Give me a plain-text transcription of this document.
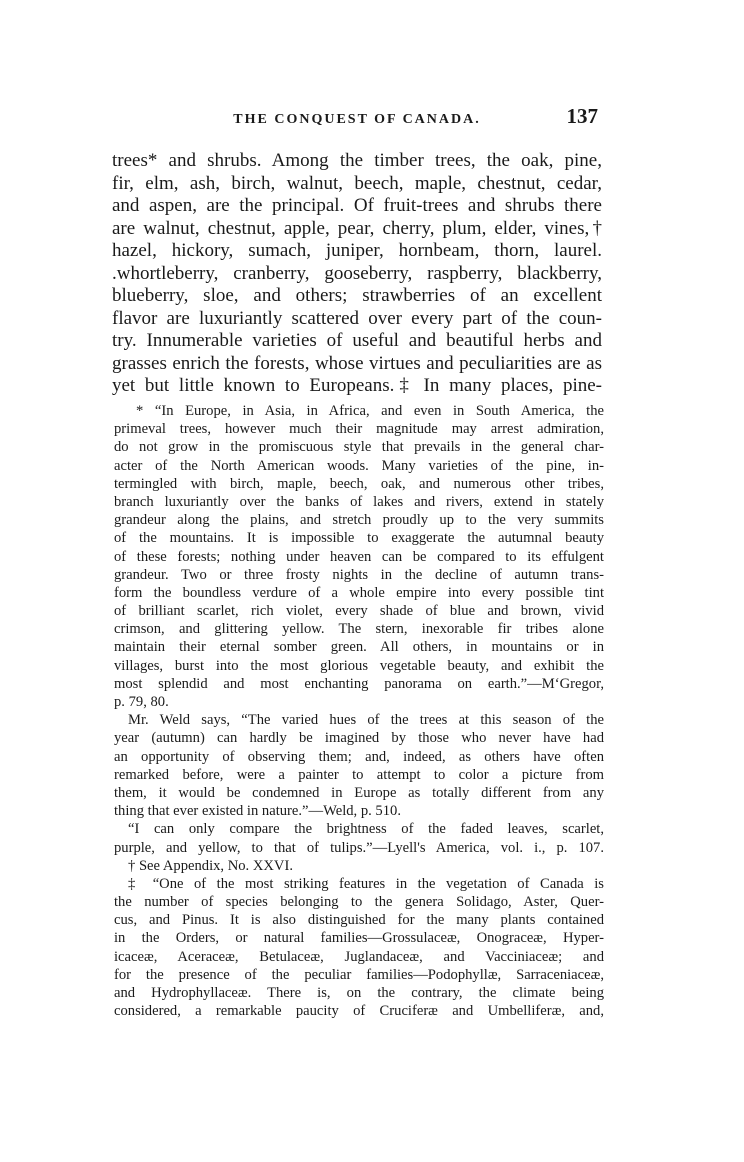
THE CONQUEST OF CANADA.	137
trees* and shrubs. Among the timber trees, the oak, pine,
fir, elm, ash, birch, walnut, beech, maple, chestnut, cedar,
and aspen, are the principal. Of fruit-trees and shrubs there
are walnut, chestnut, apple, pear, cherry, plum, elder, vines,†
hazel, hickory, sumach, juniper, hornbeam, thorn, laurel.
.whortleberry, cranberry, gooseberry, raspberry, blackberry,
blueberry, sloe, and others; strawberries of an excellent
flavor are luxuriantly scattered over every part of the coun-
try. Innumerable varieties of useful and beautiful herbs and
grasses enrich the forests, whose virtues and peculiarities are as
yet but little known to Europeans.‡ In many places, pine-
* “In Europe, in Asia, in Africa, and even in South America, the
primeval trees, however much their magnitude may arrest admiration,
do not grow in the promiscuous style that prevails in the general char-
acter of the North American woods. Many varieties of the pine, in-
termingled with birch, maple, beech, oak, and numerous other tribes,
branch luxuriantly over the banks of lakes and rivers, extend in stately
grandeur along the plains, and stretch proudly up to the very summits
of the mountains. It is impossible to exaggerate the autumnal beauty
of these forests; nothing under heaven can be compared to its effulgent
grandeur. Two or three frosty nights in the decline of autumn trans-
form the boundless verdure of a whole empire into every possible tint
of brilliant scarlet, rich violet, every shade of blue and brown, vivid
crimson, and glittering yellow. The stern, inexorable fir tribes alone
maintain their eternal somber green. All others, in mountains or in
villages, burst into the most glorious vegetable beauty, and exhibit the
most splendid and most enchanting panorama on earth.”—M‘Gregor,
p. 79, 80.
Mr. Weld says, “The varied hues of the trees at this season of the
year (autumn) can hardly be imagined by those who never have had
an opportunity of observing them; and, indeed, as others have often
remarked before, were a painter to attempt to color a picture from
them, it would be condemned in Europe as totally different from any
thing that ever existed in nature.”—Weld, p. 510.
“I can only compare the brightness of the faded leaves, scarlet,
purple, and yellow, to that of tulips.”—Lyell's America, vol. i., p. 107.
† See Appendix, No. XXVI.
‡ “One of the most striking features in the vegetation of Canada is
the number of species belonging to the genera Solidago, Aster, Quer-
cus, and Pinus. It is also distinguished for the many plants contained
in the Orders, or natural families—Grossulaceæ, Onograceæ, Hyper-
icaceæ, Aceraceæ, Betulaceæ, Juglandaceæ, and Vacciniaceæ; and
for the presence of the peculiar families—Podophyllæ, Sarraceniaceæ,
and Hydrophyllaceæ. There is, on the contrary, the climate being
considered, a remarkable paucity of Cruciferæ and Umbelliferæ, and,
